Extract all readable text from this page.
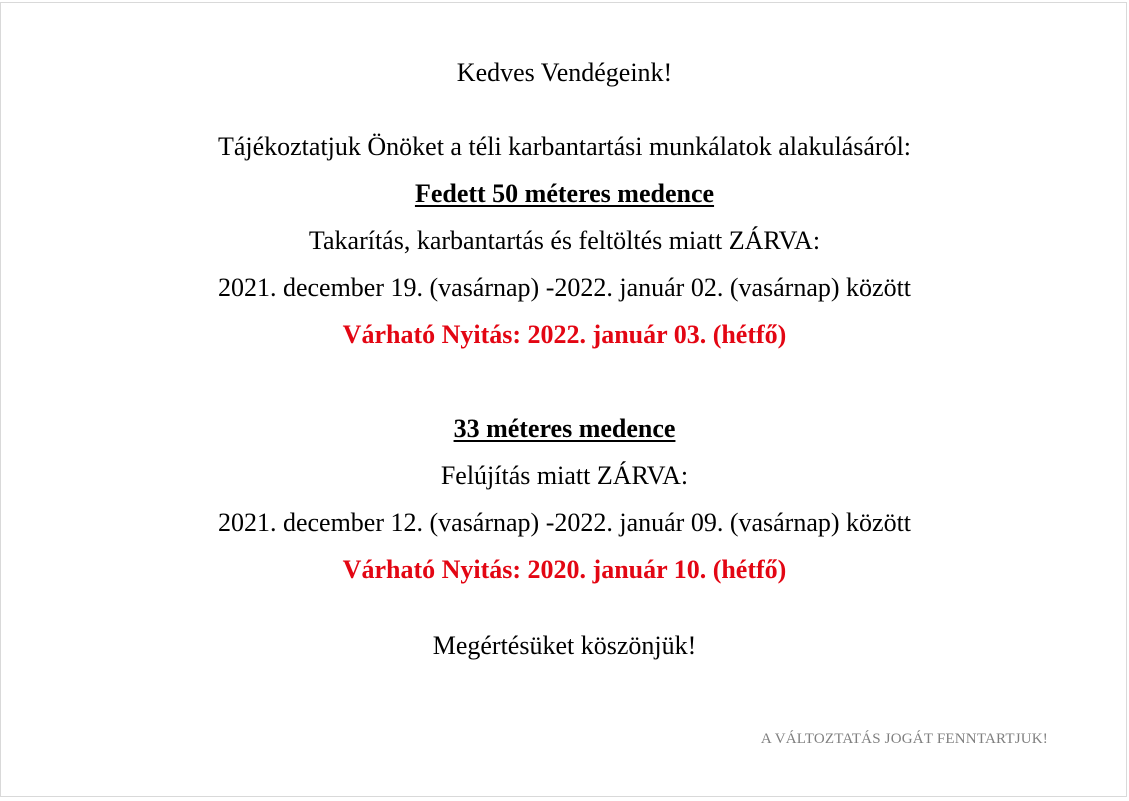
Kedves Vendégeink!
Tájékoztatjuk Önöket a téli karbantartási munkálatok alakulásáról:
Fedett 50 méteres medence
Takarítás, karbantartás és feltöltés miatt ZÁRVA:
2021. december 19. (vasárnap) -2022. január 02. (vasárnap) között
Várható Nyitás: 2022. január 03. (hétfő)
33 méteres medence
Felújítás miatt ZÁRVA:
2021. december 12. (vasárnap) -2022. január 09. (vasárnap) között
Várható Nyitás: 2020. január 10. (hétfő)
Megértésüket köszönjük!
A VÁLTOZTATÁS JOGÁT FENNTARTJUK!
